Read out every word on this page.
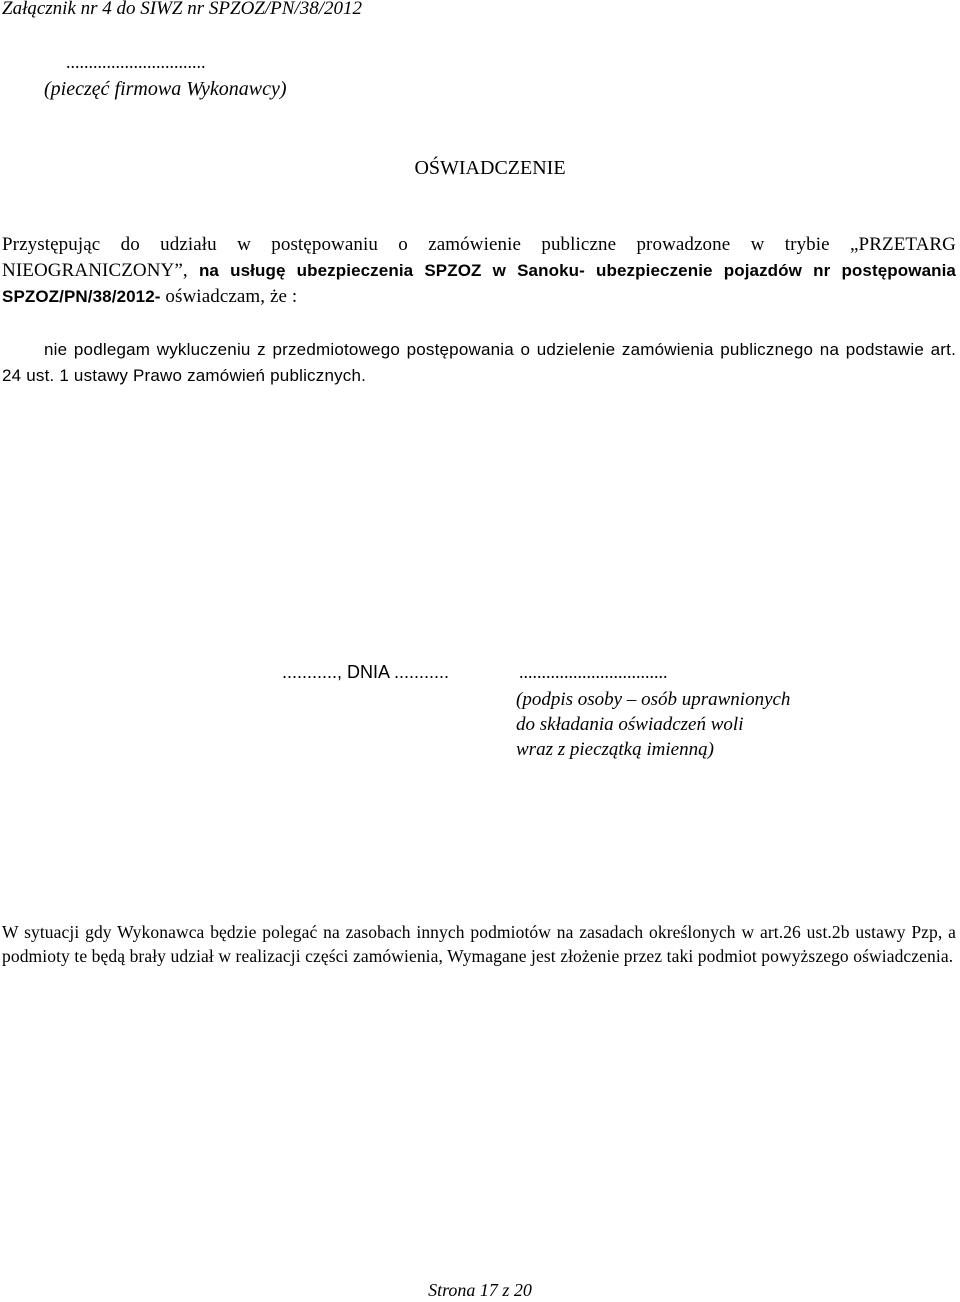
Załącznik nr 4 do SIWZ nr SPZOZ/PN/38/2012
...............................
(pieczęć firmowa Wykonawcy)
OŚWIADCZENIE
Przystępując do udziału w postępowaniu o zamówienie publiczne prowadzone w trybie „PRZETARG NIEOGRANICZONY”, na usługę ubezpieczenia SPZOZ w Sanoku- ubezpieczenie pojazdów nr postępowania SPZOZ/PN/38/2012- oświadczam, że :
nie podlegam wykluczeniu z przedmiotowego postępowania o udzielenie zamówienia publicznego na podstawie art. 24 ust. 1 ustawy Prawo zamówień publicznych.
..........., DNIA ...........	.................................
(podpis osoby – osób uprawnionych
do składania oświadczeń woli
wraz z pieczątką imienną)
W sytuacji gdy Wykonawca będzie polegać na zasobach innych podmiotów na zasadach określonych w art.26 ust.2b ustawy Pzp, a podmioty te będą brały udział w realizacji części zamówienia, Wymagane jest złożenie przez taki podmiot powyższego oświadczenia.
Strona 17 z 20
